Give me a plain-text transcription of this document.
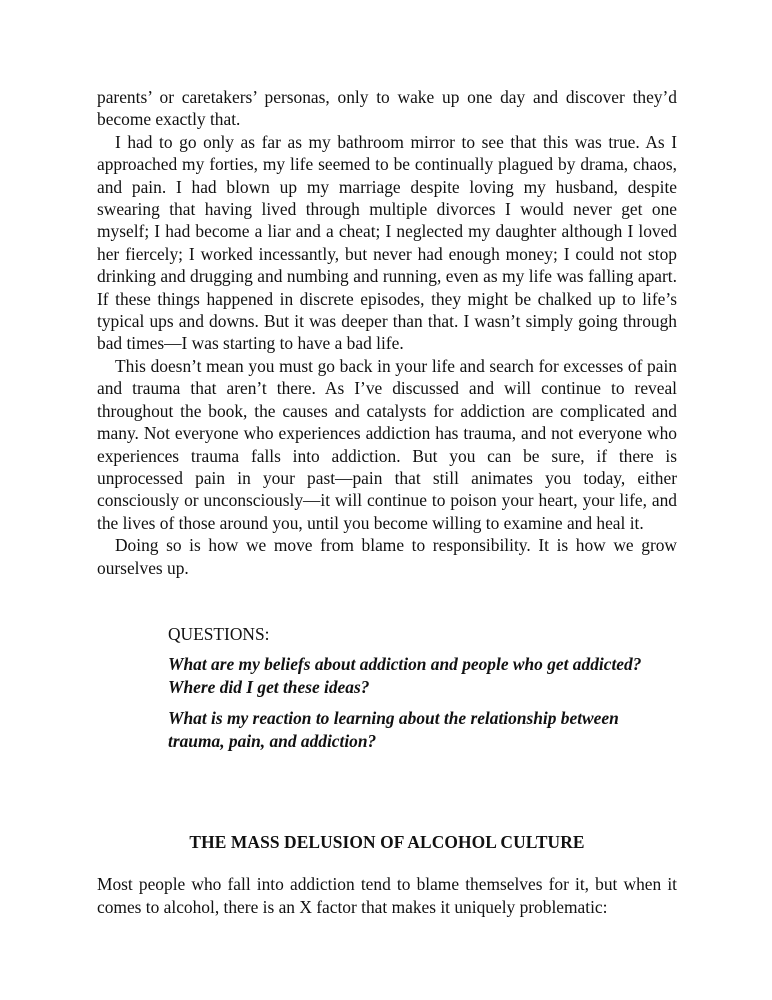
parents’ or caretakers’ personas, only to wake up one day and discover they’d become exactly that.

I had to go only as far as my bathroom mirror to see that this was true. As I approached my forties, my life seemed to be continually plagued by drama, chaos, and pain. I had blown up my marriage despite loving my husband, despite swearing that having lived through multiple divorces I would never get one myself; I had become a liar and a cheat; I neglected my daughter although I loved her fiercely; I worked incessantly, but never had enough money; I could not stop drinking and drugging and numbing and running, even as my life was falling apart. If these things happened in discrete episodes, they might be chalked up to life’s typical ups and downs. But it was deeper than that. I wasn’t simply going through bad times—I was starting to have a bad life.

This doesn’t mean you must go back in your life and search for excesses of pain and trauma that aren’t there. As I’ve discussed and will continue to reveal throughout the book, the causes and catalysts for addiction are complicated and many. Not everyone who experiences addiction has trauma, and not everyone who experiences trauma falls into addiction. But you can be sure, if there is unprocessed pain in your past—pain that still animates you today, either consciously or unconsciously—it will continue to poison your heart, your life, and the lives of those around you, until you become willing to examine and heal it.

Doing so is how we move from blame to responsibility. It is how we grow ourselves up.

QUESTIONS:

What are my beliefs about addiction and people who get addicted? Where did I get these ideas?

What is my reaction to learning about the relationship between trauma, pain, and addiction?

THE MASS DELUSION OF ALCOHOL CULTURE

Most people who fall into addiction tend to blame themselves for it, but when it comes to alcohol, there is an X factor that makes it uniquely problematic:
